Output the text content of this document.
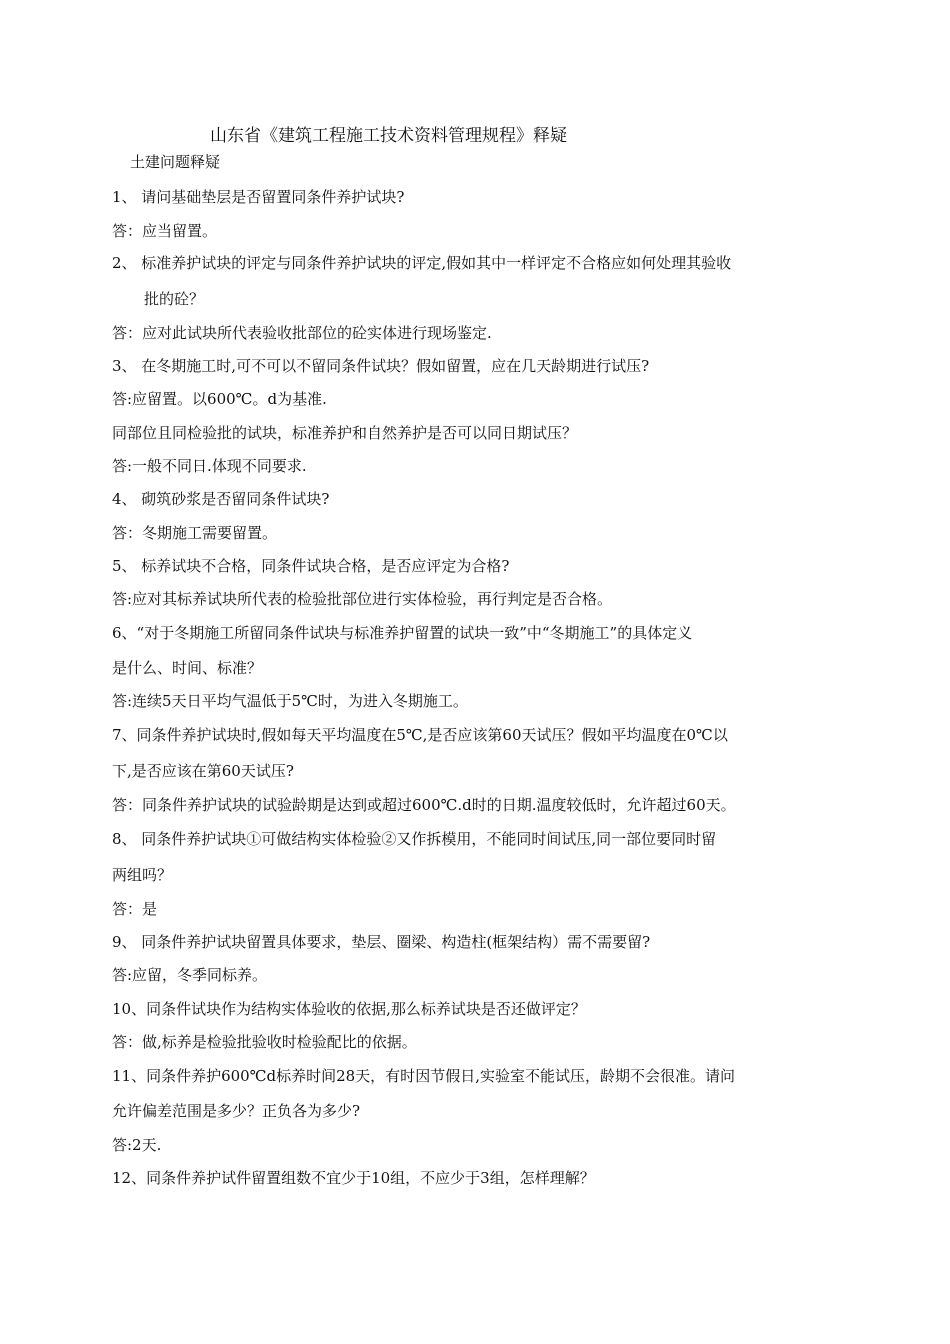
山东省《建筑工程施工技术资料管理规程》释疑
土建问题释疑
1、 请问基础垫层是否留置同条件养护试块?
答：应当留置。
2、 标准养护试块的评定与同条件养护试块的评定,假如其中一样评定不合格应如何处理其验收
批的砼？
答：应对此试块所代表验收批部位的砼实体进行现场鉴定.
3、 在冬期施工时,可不可以不留同条件试块？假如留置，应在几天龄期进行试压?
答:应留置。以600℃。d为基准.
同部位且同检验批的试块，标准养护和自然养护是否可以同日期试压？
答:一般不同日.体现不同要求.
4、 砌筑砂浆是否留同条件试块?
答：冬期施工需要留置。
5、 标养试块不合格，同条件试块合格，是否应评定为合格?
答:应对其标养试块所代表的检验批部位进行实体检验，再行判定是否合格。
6、“对于冬期施工所留同条件试块与标准养护留置的试块一致”中“冬期施工”的具体定义
是什么、时间、标准？
答:连续5天日平均气温低于5℃时，为进入冬期施工。
7、同条件养护试块时,假如每天平均温度在5℃,是否应该第60天试压？假如平均温度在0℃以
下,是否应该在第60天试压?
答：同条件养护试块的试验龄期是达到或超过600℃.d时的日期.温度较低时，允许超过60天。
8、 同条件养护试块①可做结构实体检验②又作拆模用，不能同时间试压,同一部位要同时留
两组吗？
答：是
9、 同条件养护试块留置具体要求，垫层、圈梁、构造柱(框架结构）需不需要留?
答:应留，冬季同标养。
10、同条件试块作为结构实体验收的依据,那么标养试块是否还做评定？
答：做,标养是检验批验收时检验配比的依据。
11、同条件养护600℃d标养时间28天，有时因节假日,实验室不能试压，龄期不会很准。请问
允许偏差范围是多少？正负各为多少?
答:2天.
12、同条件养护试件留置组数不宜少于10组，不应少于3组，怎样理解？
